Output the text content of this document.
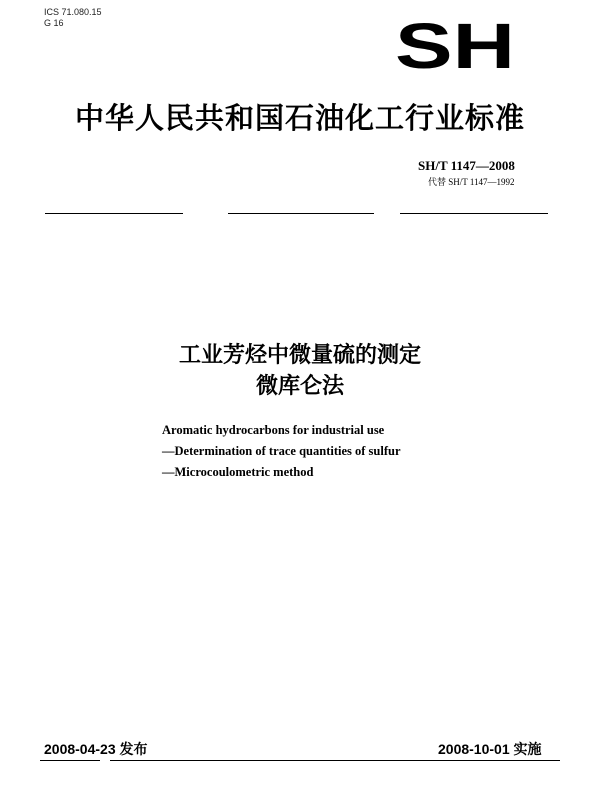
ICS 71.080.15
G 16	SH
中华人民共和国石油化工行业标准
SH/T 1147—2008
代替 SH/T 1147—1992
工业芳烃中微量硫的测定
微库仑法
Aromatic hydrocarbons for industrial use
—Determination of trace quantities of sulfur
—Microcoulometric method
2008-04-23 发布	2008-10-01 实施
